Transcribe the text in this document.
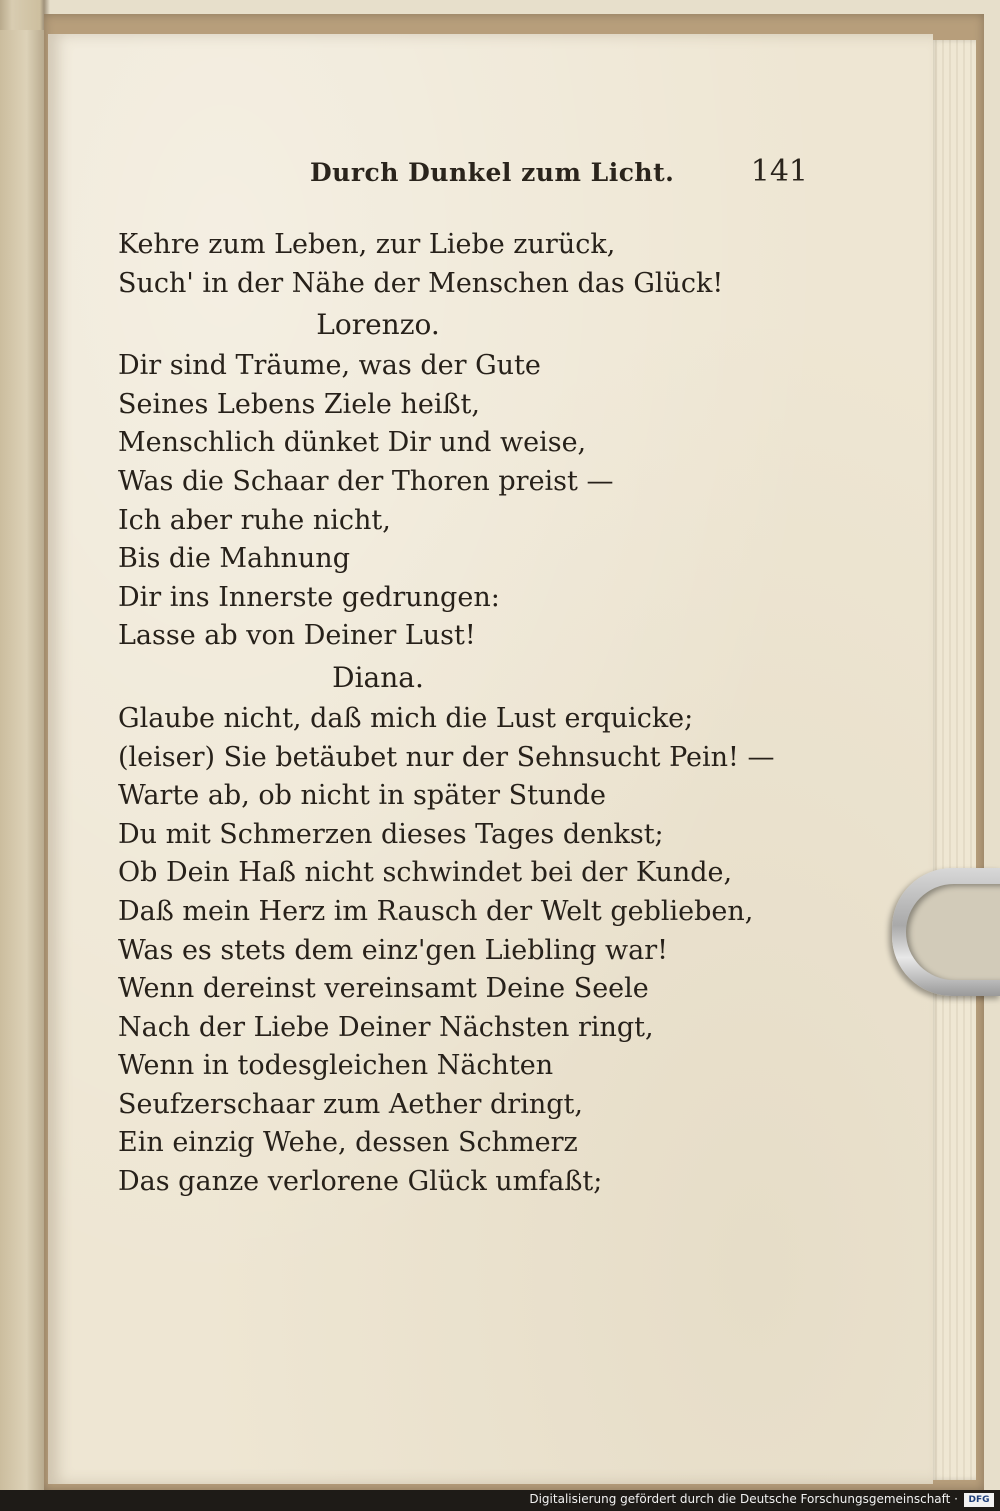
Durch Dunkel zum Licht.	141
Kehre zum Leben, zur Liebe zurück,
Such' in der Nähe der Menschen das Glück!
Lorenzo.
Dir sind Träume, was der Gute
Seines Lebens Ziele heißt,
Menschlich dünket Dir und weise,
Was die Schaar der Thoren preist —
Ich aber ruhe nicht,
Bis die Mahnung
Dir ins Innerste gedrungen:
Lasse ab von Deiner Lust!
Diana.
Glaube nicht, daß mich die Lust erquicke;
(leiser) Sie betäubet nur der Sehnsucht Pein! —
Warte ab, ob nicht in später Stunde
Du mit Schmerzen dieses Tages denkst;
Ob Dein Haß nicht schwindet bei der Kunde,
Daß mein Herz im Rausch der Welt geblieben,
Was es stets dem einz'gen Liebling war!
Wenn dereinst vereinsamt Deine Seele
Nach der Liebe Deiner Nächsten ringt,
Wenn in todesgleichen Nächten
Seufzerschaar zum Aether dringt,
Ein einzig Wehe, dessen Schmerz
Das ganze verlorene Glück umfaßt;
Digitalisierung gefördert durch die Deutsche Forschungsgemeinschaft ·	DFG
